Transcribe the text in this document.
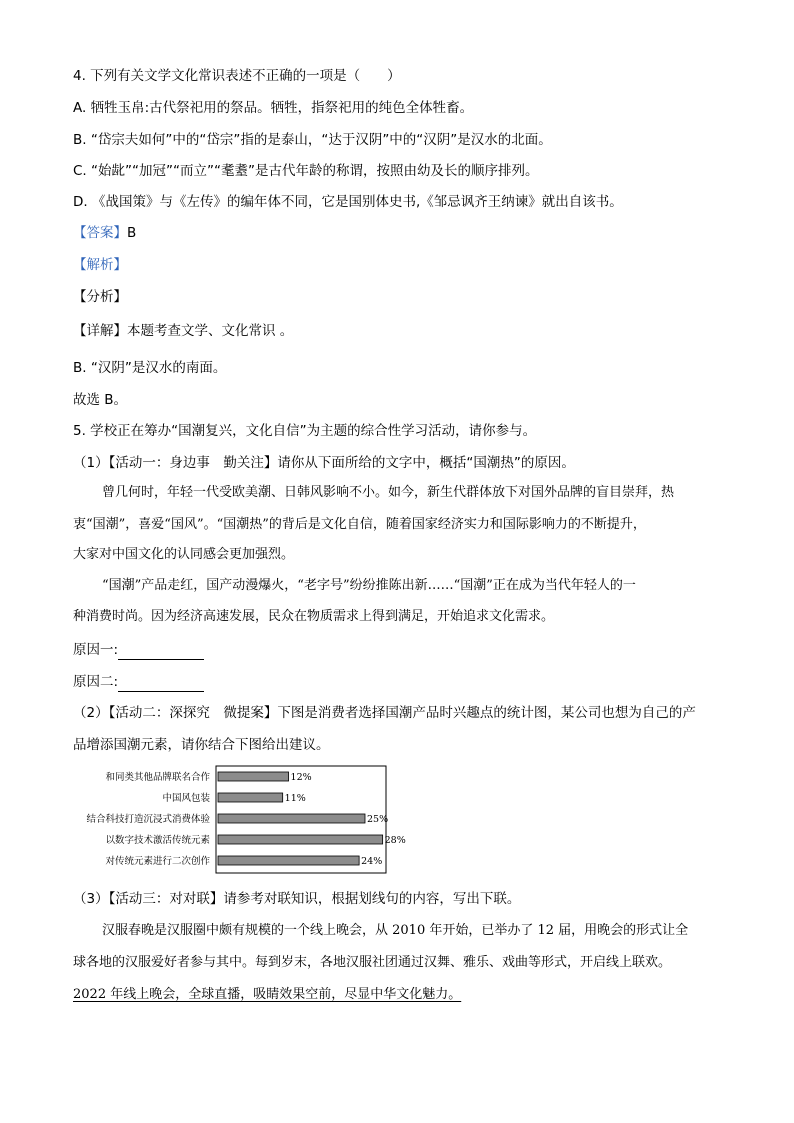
4. 下列有关文学文化常识表述不正确的一项是（　　）
A. 牺牲玉帛:古代祭祀用的祭品。牺牲，指祭祀用的纯色全体牲畜。
B. “岱宗夫如何”中的“岱宗”指的是泰山，“达于汉阴”中的“汉阴”是汉水的北面。
C. “始龀”“加冠”“而立”“耄耋”是古代年龄的称谓，按照由幼及长的顺序排列。
D. 《战国策》与《左传》的编年体不同，它是国别体史书,《邹忌讽齐王纳谏》就出自该书。
【答案】B
【解析】
【分析】
【详解】本题考查文学、文化常识 。
B. “汉阴”是汉水的南面。
故选 B。
5. 学校正在筹办“国潮复兴，文化自信”为主题的综合性学习活动，请你参与。
（1）【活动一：身边事　勤关注】请你从下面所给的文字中，概括“国潮热”的原因。
曾几何时，年轻一代受欧美潮、日韩风影响不小。如今，新生代群体放下对国外品牌的盲目崇拜，热
衷“国潮”，喜爱“国风”。“国潮热”的背后是文化自信，随着国家经济实力和国际影响力的不断提升，
大家对中国文化的认同感会更加强烈。
“国潮”产品走红，国产动漫爆火，“老字号”纷纷推陈出新……“国潮”正在成为当代年轻人的一
种消费时尚。因为经济高速发展，民众在物质需求上得到满足，开始追求文化需求。
原因一:
原因二:
（2）【活动二：深探究　微提案】下图是消费者选择国潮产品时兴趣点的统计图，某公司也想为自己的产
品增添国潮元素，请你结合下图给出建议。
和同类其他品牌联名合作	12%
中国风包装	11%
结合科技打造沉浸式消费体验	25%
以数字技术激活传统元素	28%
对传统元素进行二次创作	24%
（3）【活动三：对对联】请参考对联知识，根据划线句的内容，写出下联。
汉服春晚是汉服圈中颇有规模的一个线上晚会，从 2010 年开始，已举办了 12 届，用晚会的形式让全
球各地的汉服爱好者参与其中。每到岁末，各地汉服社团通过汉舞、雅乐、戏曲等形式，开启线上联欢。
2022 年线上晚会，全球直播，吸睛效果空前，尽显中华文化魅力。
